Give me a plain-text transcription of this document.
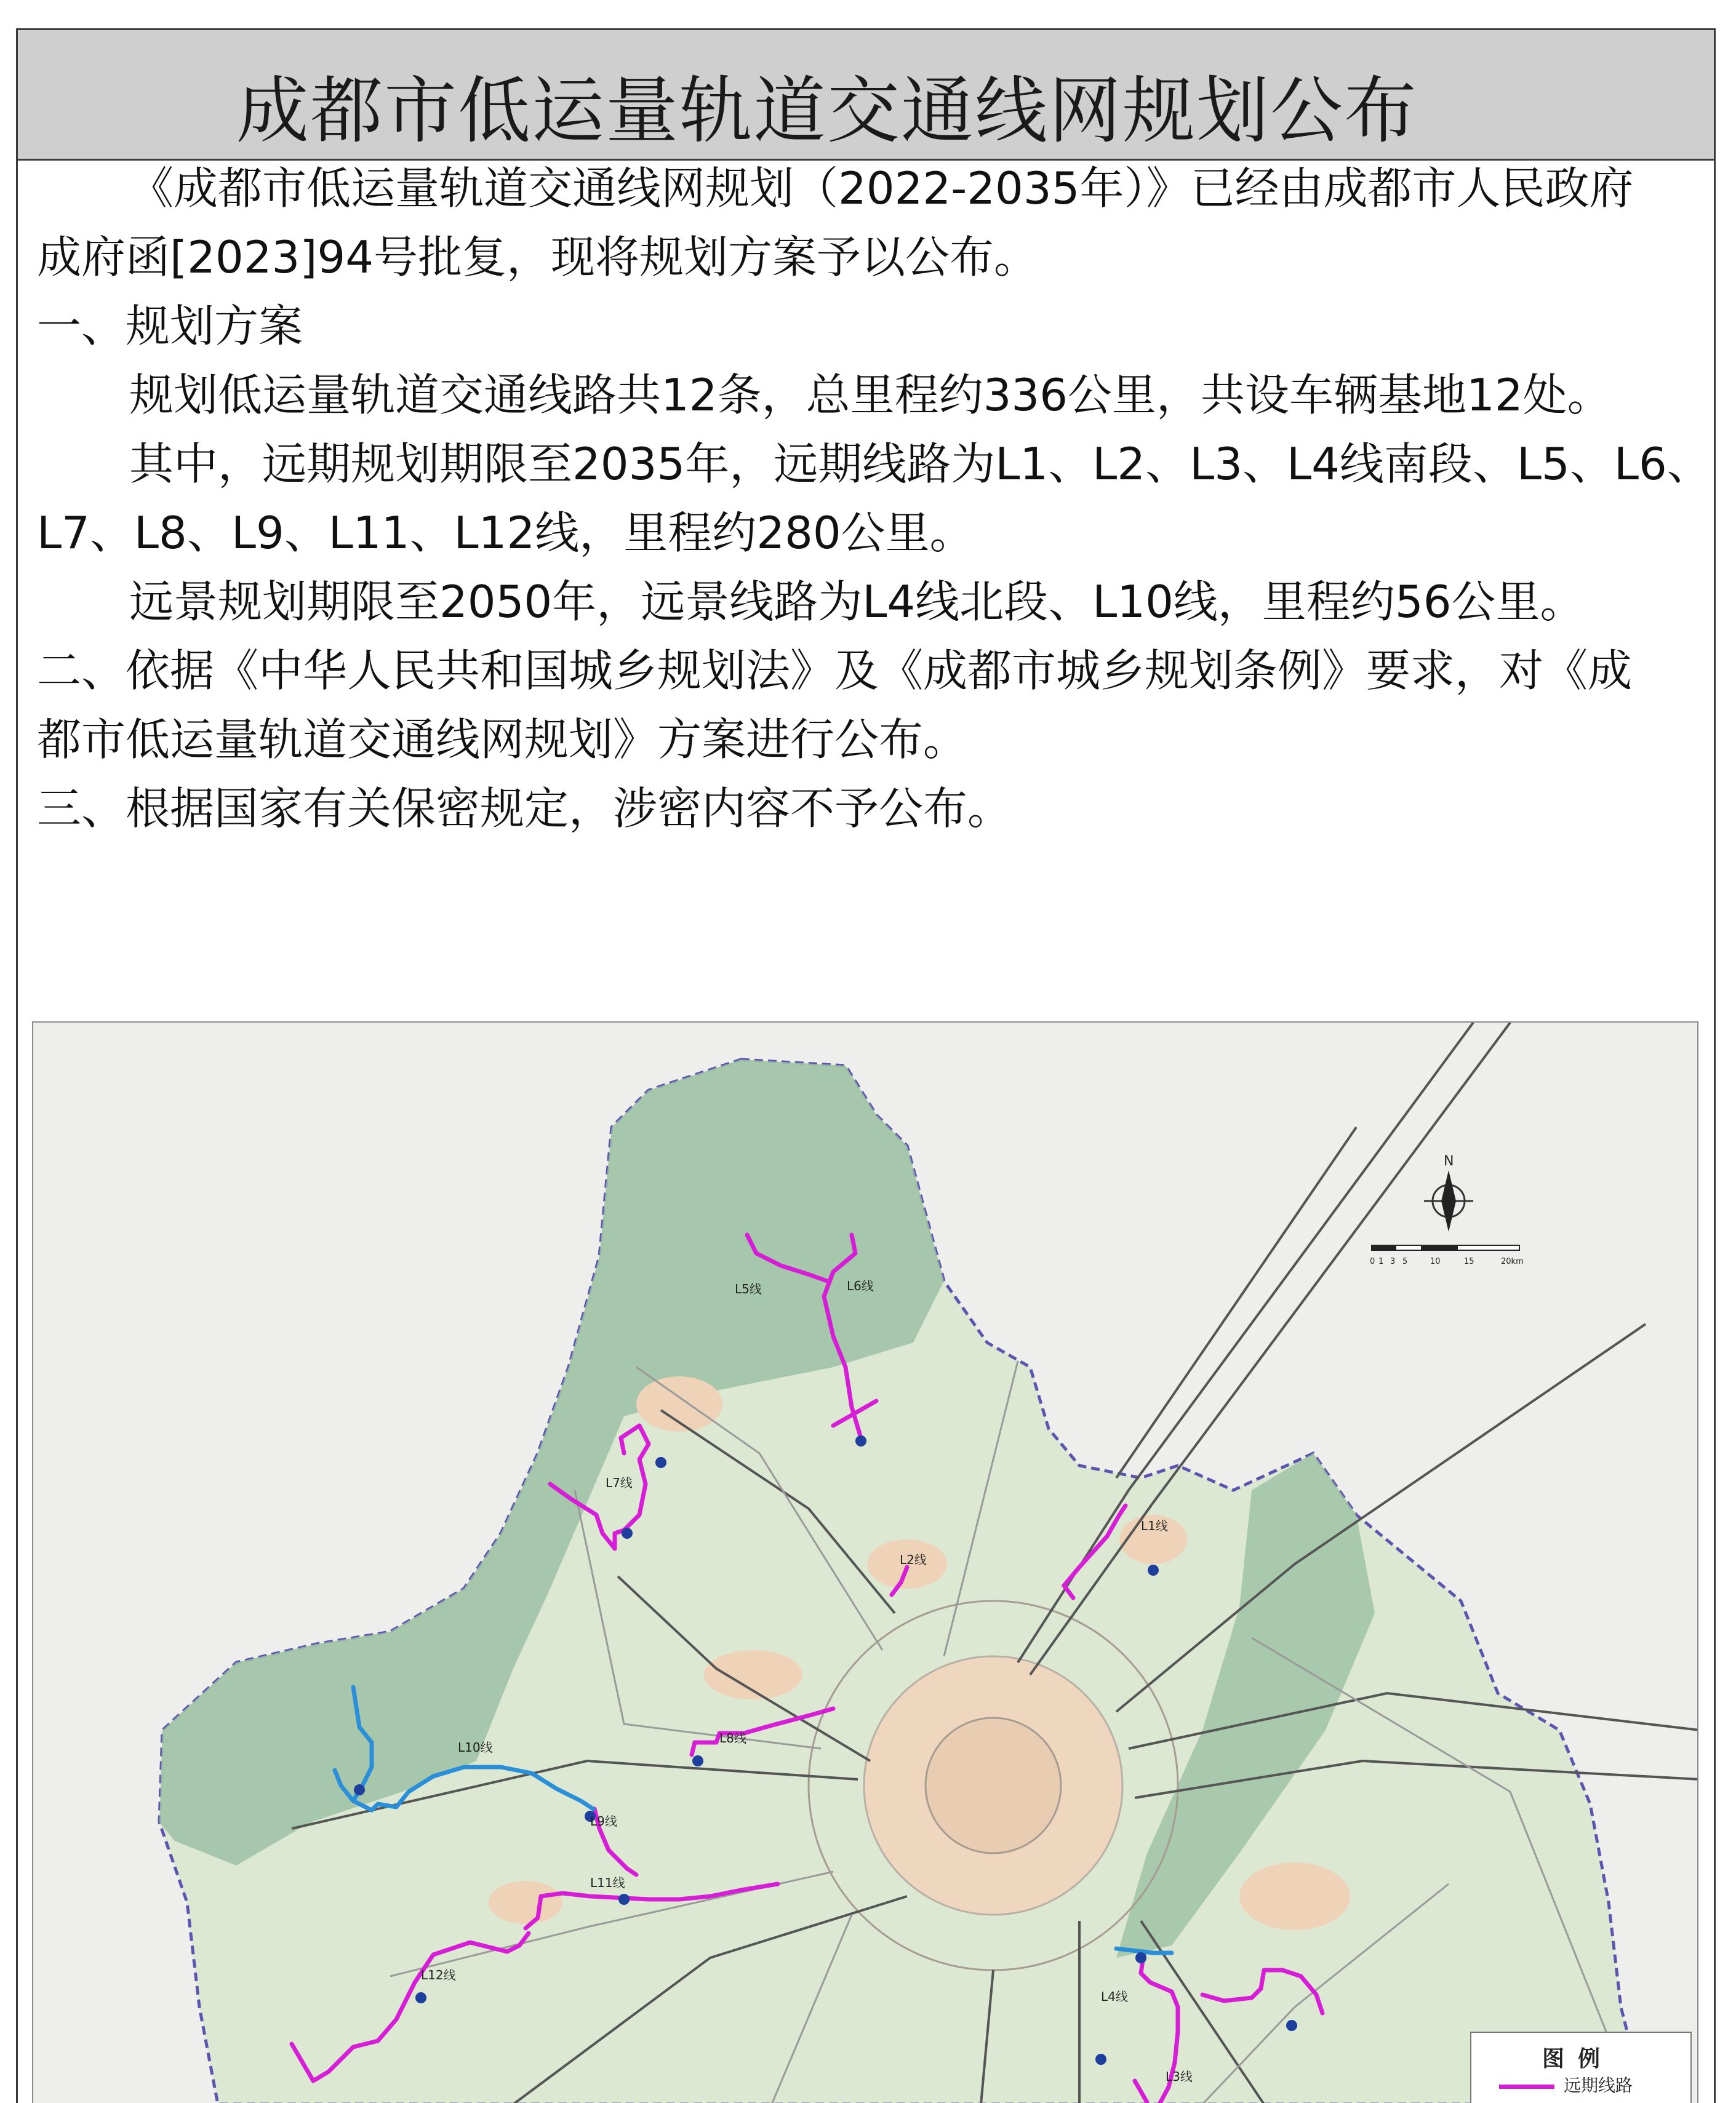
成都市低运量轨道交通线网规划公布

《成都市低运量轨道交通线网规划（2022-2035年）》已经由成都市人民政府

成府函[2023]94号批复，现将规划方案予以公布。

一、规划方案

规划低运量轨道交通线路共12条，总里程约336公里，共设车辆基地12处。

其中，远期规划期限至2035年，远期线路为L1、L2、L3、L4线南段、L5、L6、

L7、L8、L9、L11、L12线，里程约280公里。

远景规划期限至2050年，远景线路为L4线北段、L10线，里程约56公里。

二、依据《中华人民共和国城乡规划法》及《成都市城乡规划条例》要求，对《成

都市低运量轨道交通线网规划》方案进行公布。

三、根据国家有关保密规定，涉密内容不予公布。

L5线	L6线
L7线
L2线
L1线
L8线
L10线
L9线
L11线
L12线
L4线
L3线
N
0 1 3 5	10	15	20km
图例
远期线路
